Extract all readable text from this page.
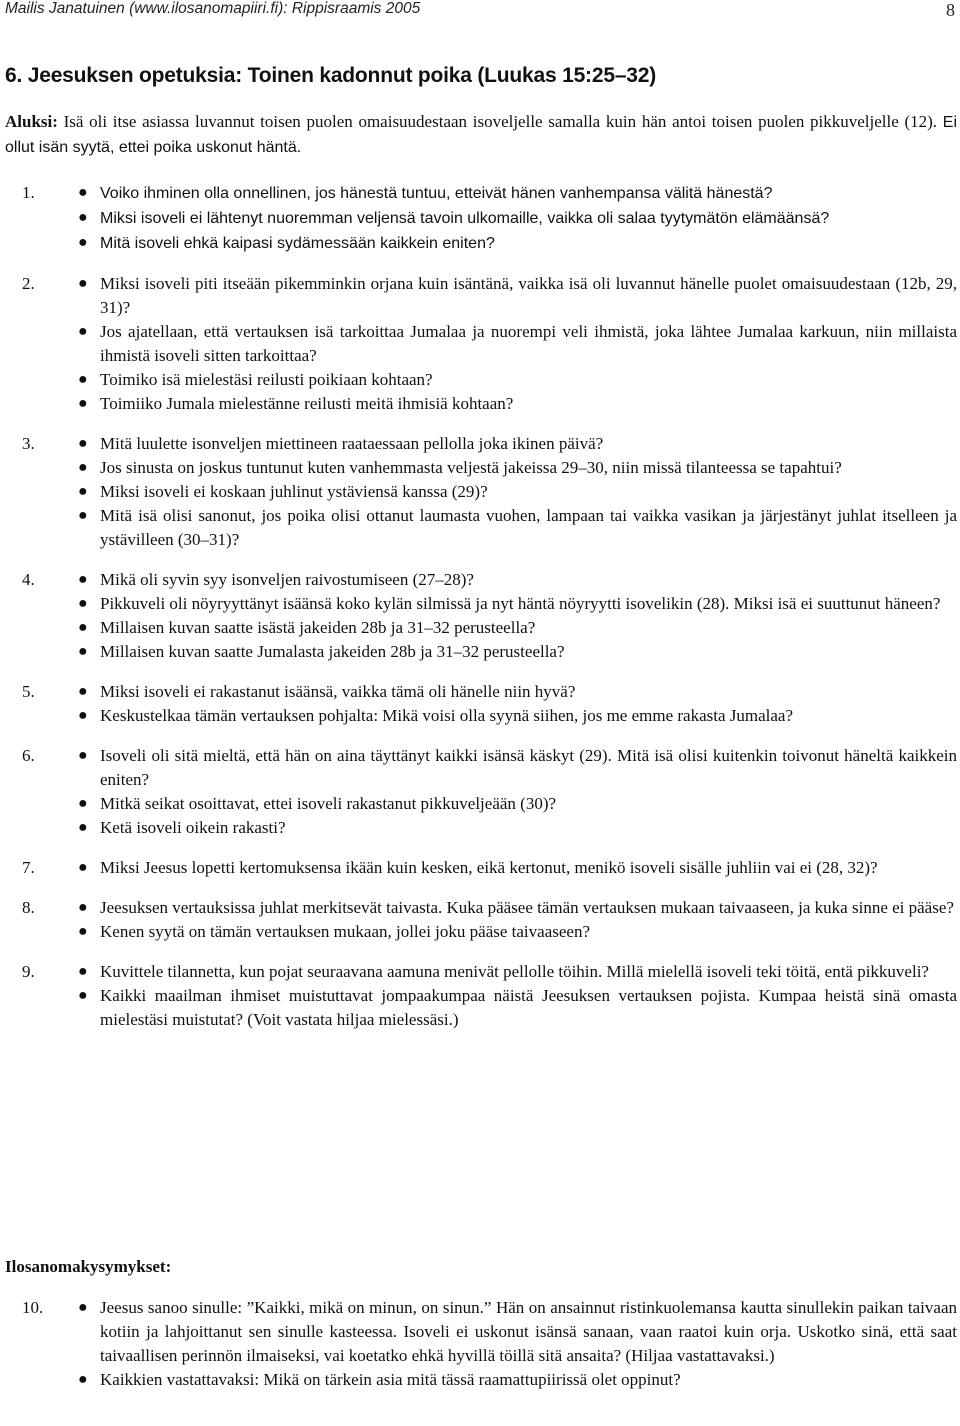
Mailis Janatuinen (www.ilosanomapiiri.fi): Rippisraamis 2005	8
6. Jeesuksen opetuksia: Toinen kadonnut poika (Luukas 15:25–32)
Aluksi: Isä oli itse asiassa luvannut toisen puolen omaisuudestaan isoveljelle samalla kuin hän antoi toisen puolen pikkuveljelle (12). Ei ollut isän syytä, ettei poika uskonut häntä.
1.	● Voiko ihminen olla onnellinen, jos hänestä tuntuu, etteivät hänen vanhempansa välitä hänestä?
● Miksi isoveli ei lähtenyt nuoremman veljensä tavoin ulkomaille, vaikka oli salaa tyytymätön elämäänsä?
● Mitä isoveli ehkä kaipasi sydämessään kaikkein eniten?
2.	● Miksi isoveli piti itseään pikemminkin orjana kuin isäntänä, vaikka isä oli luvannut hänelle puolet omaisuudestaan (12b, 29, 31)?
● Jos ajatellaan, että vertauksen isä tarkoittaa Jumalaa ja nuorempi veli ihmistä, joka lähtee Jumalaa karkuun, niin millaista ihmistä isoveli sitten tarkoittaa?
● Toimiko isä mielestäsi reilusti poikiaan kohtaan?
● Toimiiko Jumala mielestänne reilusti meitä ihmisiä kohtaan?
3.	● Mitä luulette isonveljen miettineen raataessaan pellolla joka ikinen päivä?
● Jos sinusta on joskus tuntunut kuten vanhemmasta veljestä jakeissa 29–30, niin missä tilanteessa se tapahtui?
● Miksi isoveli ei koskaan juhlinut ystäviensä kanssa (29)?
● Mitä isä olisi sanonut, jos poika olisi ottanut laumasta vuohen, lampaan tai vaikka vasikan ja järjestänyt juhlat itselleen ja ystävilleen (30–31)?
4.	● Mikä oli syvin syy isonveljen raivostumiseen (27–28)?
● Pikkuveli oli nöyryyttänyt isäänsä koko kylän silmissä ja nyt häntä nöyryytti isovelikin (28). Miksi isä ei suuttunut häneen?
● Millaisen kuvan saatte isästä jakeiden 28b ja 31–32 perusteella?
● Millaisen kuvan saatte Jumalasta jakeiden 28b ja 31–32 perusteella?
5.	● Miksi isoveli ei rakastanut isäänsä, vaikka tämä oli hänelle niin hyvä?
● Keskustelkaa tämän vertauksen pohjalta: Mikä voisi olla syynä siihen, jos me emme rakasta Jumalaa?
6.	● Isoveli oli sitä mieltä, että hän on aina täyttänyt kaikki isänsä käskyt (29). Mitä isä olisi kuitenkin toivonut häneltä kaikkein eniten?
● Mitkä seikat osoittavat, ettei isoveli rakastanut pikkuveljeään (30)?
● Ketä isoveli oikein rakasti?
7.	● Miksi Jeesus lopetti kertomuksensa ikään kuin kesken, eikä kertonut, menikö isoveli sisälle juhliin vai ei (28, 32)?
8.	● Jeesuksen vertauksissa juhlat merkitsevät taivasta. Kuka pääsee tämän vertauksen mukaan taivaaseen, ja kuka sinne ei pääse?
● Kenen syytä on tämän vertauksen mukaan, jollei joku pääse taivaaseen?
9.	● Kuvittele tilannetta, kun pojat seuraavana aamuna menivät pellolle töihin. Millä mielellä isoveli teki töitä, entä pikkuveli?
● Kaikki maailman ihmiset muistuttavat jompaakumpaa näistä Jeesuksen vertauksen pojista. Kumpaa heistä sinä omasta mielestäsi muistutat? (Voit vastata hiljaa mielessäsi.)
Ilosanomakysymykset:
10.	● Jeesus sanoo sinulle: ”Kaikki, mikä on minun, on sinun.” Hän on ansainnut ristinkuolemansa kautta sinullekin paikan taivaan kotiin ja lahjoittanut sen sinulle kasteessa. Isoveli ei uskonut isänsä sanaan, vaan raatoi kuin orja. Uskotko sinä, että saat taivaallisen perinnön ilmaiseksi, vai koetatko ehkä hyvillä töillä sitä ansaita? (Hiljaa vastattavaksi.)
● Kaikkien vastattavaksi: Mikä on tärkein asia mitä tässä raamattupiirissä olet oppinut?
